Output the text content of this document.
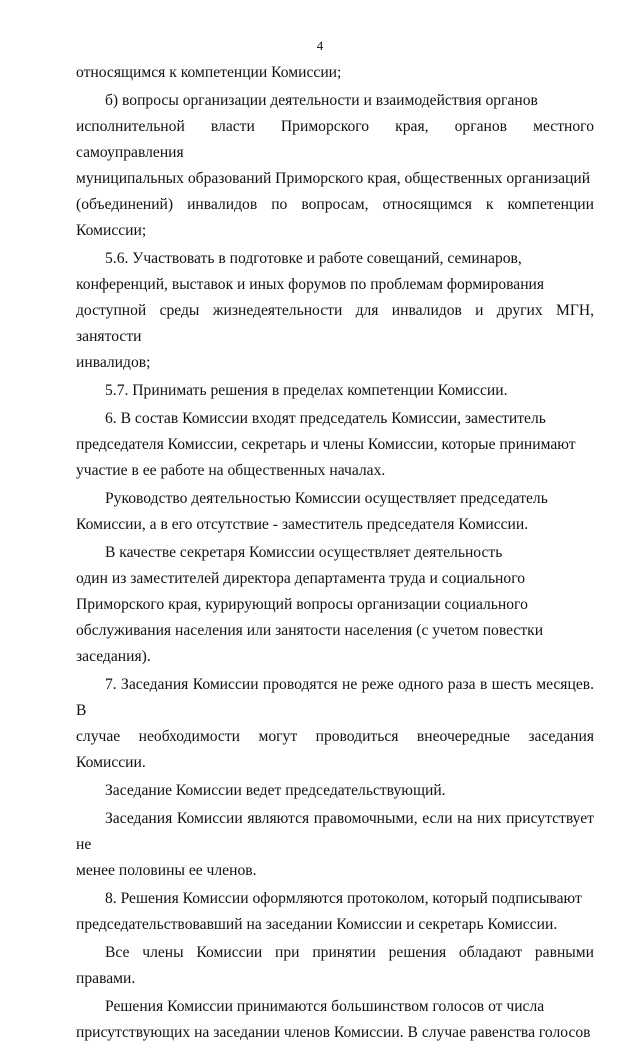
4

относящимся к компетенции Комиссии;

б) вопросы организации деятельности и взаимодействия органов
исполнительной власти Приморского края, органов местного самоуправления
муниципальных образований Приморского края, общественных организаций
(объединений) инвалидов по вопросам, относящимся к компетенции Комиссии;

5.6. Участвовать в подготовке и работе совещаний, семинаров,
конференций, выставок и иных форумов по проблемам формирования
доступной среды жизнедеятельности для инвалидов и других МГН, занятости
инвалидов;

5.7. Принимать решения в пределах компетенции Комиссии.

6. В состав Комиссии входят председатель Комиссии, заместитель
председателя Комиссии, секретарь и члены Комиссии, которые принимают
участие в ее работе на общественных началах.

Руководство деятельностью Комиссии осуществляет председатель
Комиссии, а в его отсутствие - заместитель председателя Комиссии.

В качестве секретаря Комиссии осуществляет деятельность
один из заместителей директора департамента труда и социального
Приморского края, курирующий вопросы организации социального
обслуживания населения или занятости населения (с учетом повестки
заседания).

7. Заседания Комиссии проводятся не реже одного раза в шесть месяцев. В
случае необходимости могут проводиться внеочередные заседания Комиссии.

Заседание Комиссии ведет председательствующий.

Заседания Комиссии являются правомочными, если на них присутствует не
менее половины ее членов.

8. Решения Комиссии оформляются протоколом, который подписывают
председательствовавший на заседании Комиссии и секретарь Комиссии.

Все члены Комиссии при принятии решения обладают равными правами.

Решения Комиссии принимаются большинством голосов от числа
присутствующих на заседании членов Комиссии. В случае равенства голосов
